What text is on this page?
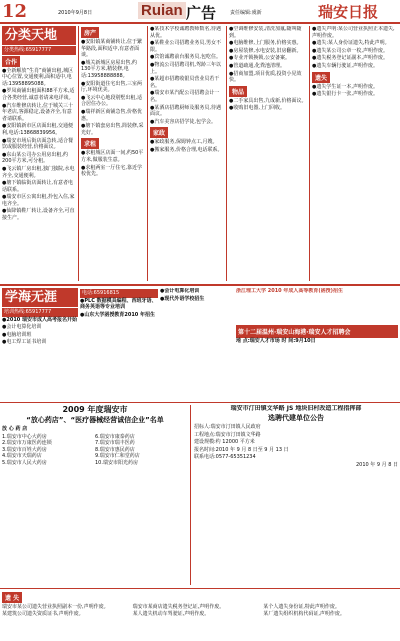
12	2010年9月8日	Ruian 广告	责任编辑:虞新	瑞安日报
分类天地
分类热线:65917777
合作

●全新解放”生肖”商铺出租,城区中心位置,交通便利,面积适中,电话:13958895088。

●罗凤商铺出租面积88平方米,适合各类经营,诚意者请来电详谈。

●汽车维修店转让,位于城关三十年老店,客源稳定,设备齐全,有意者请联系。

●安阳镇新市区店面出租,交通便利,电话:13868839956。

●瑞安市场后街店面急转,适合餐饮或服装经营,价格面议。

●东山某公司办公用房出租,约200平方米,可分租。

●飞云镇厂房出租,独门独院,水电齐全,交通便利。

●塘下镇临街店面转让,有意者电话联系。

●瑞安市区公寓出租,拎包入住,家电齐全。

●仙降镇鞋厂转让,设备齐全,可直接生产。

房产

●安阳镇某商铺转让,位于繁华路段,面积适中,有意者面谈。

●城关新城区房屋出售,约130平方米,精装修,电话:13958888888。

●安阳街道住宅出售,三室两厅,环境优美。

●飞云中心地段别墅出租,适合居住办公。

●瑞祥新区商铺急售,价格优惠。

●塘下镇套房出售,简装修,采光好。

求租

●求租城区店面一间,约50平方米,做服装生意。

●求租两室一厅住宅,靠近学校优先。

●某技术学校诚聘教师数名,待遇从优。

●某鞋业公司招聘业务员,男女不限。

●宾馆诚聘前台服务员,包吃住。

●物流公司招聘司机,驾龄三年以上。

●某超市招聘收银员营业员若干名。

●瑞安市某汽配公司招聘会计一名。

●某酒店招聘厨师及服务员,待遇面议。

●汽车美容店招学徒,包学会。

家政

●家政服务,保姆钟点工,月嫂。

●搬家服务,价格合理,电话联系。

●空调维修安装,清洗加氟,随叫随到。

●电脑维修,上门服务,价格实惠。

●房屋装修,水电安装,旧房翻新。

●专业开锁换锁,公安备案。

●管道疏通,化粪池清理。

●招商加盟,项目优质,投资小见效快。

物品

●二手家具出售,九成新,价格面议。

●收购旧电器,上门回收。

●遗失声明:某公司营业执照正本遗失,声明作废。

●遗失:某人身份证遗失,特此声明。

●遗失某公司公章一枚,声明作废。

●遗失税务登记证副本,声明作废。

●遗失车辆行驶证,声明作废。

遗失

●遗失学生证一本,声明作废。

●遗失银行卡一张,声明作废。

学海无涯
培训热线:65917777

●2010 瑞安市成人高考报名开始

●会计电算化培训

●电脑培训班

●电工焊工证书培训

电话:65916815

●PLC 数据模具编程、西班牙语、商务英语等专业培训

●山东大学函授教育2010 年招生

●会计电算化培训

●现代外语学校招生

浙江理工大学 2010 年成人高等教育(函授)招生

第十二届温州·瑞安山海港·瑞安人才招聘会

地 点:瑞安人才市场 时 间:9月10日

2009 年度瑞安市

“放心药店”、“医疗器械经营诚信企业”名单

放 心 药 店

1.瑞安市中心大药房	6.瑞安市康泰药店
2.瑞安市万康医药连锁	7.瑞安市瑞丰医药
3.瑞安市百姓大药房	8.瑞安市惠民药店
4.瑞安市天瑞药店	9.瑞安市仁和堂药店
5.瑞安市人民大药房	10.瑞安市阳光药房

瑞安市汀田镇文华路 JS 地块旧村改造工程指挥部

选聘代建单位公告

招标人:瑞安市汀田镇人民政府

工程地点:瑞安市汀田镇文华路

建设规模:约 12000 平方米

报名时间:2010 年 9 月 8 日至 9 月 13 日

联系电话:0577-65351234

2010 年 9 月 8 日

遗 失
瑞安市某公司遗失营业执照副本一份,声明作废。	瑞安市某商店遗失税务登记证,声明作废。	某个人遗失身份证,特此声明作废。
某建筑公司遗失资质证书,声明作废。	某人遗失机动车驾驶证,声明作废。	某厂遗失组织机构代码证,声明作废。
